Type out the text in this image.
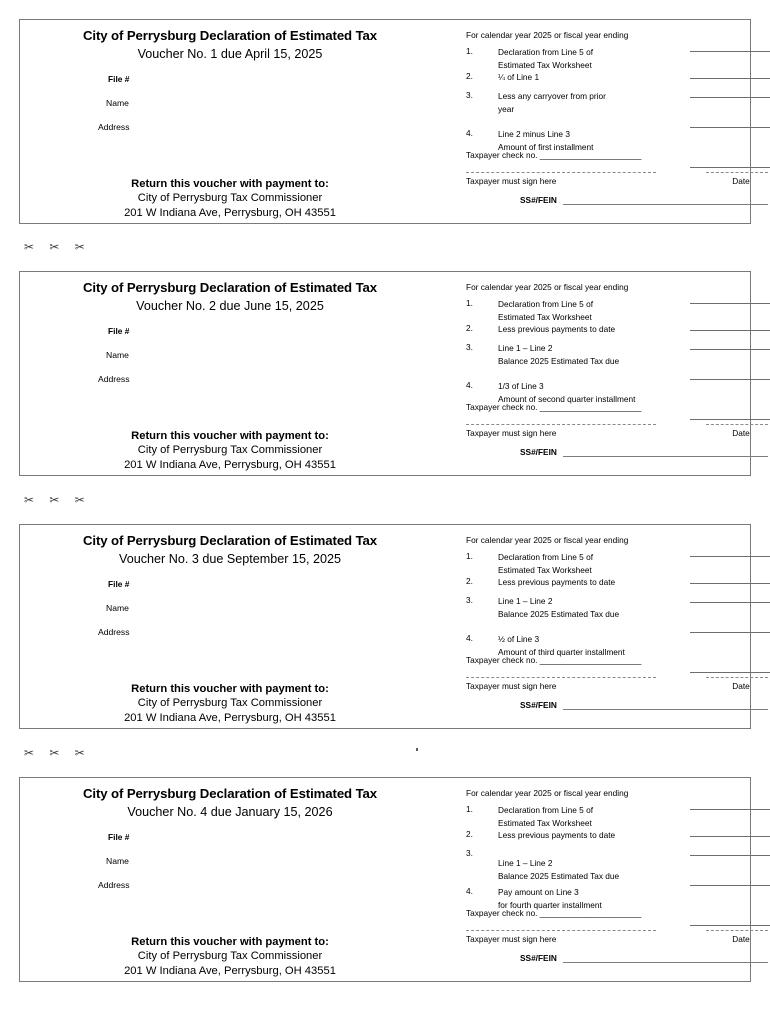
City of Perrysburg Declaration of Estimated Tax
Voucher No. 1 due April 15, 2025
File #
Name
Address
Return this voucher with payment to:
City of Perrysburg Tax Commissioner
201 W Indiana Ave, Perrysburg, OH 43551
For calendar year 2025 or fiscal year ending
1.	Declaration from Line 5 of
Estimated Tax Worksheet
2.	¼ of Line 1
3.	Less any carryover from prior
year
4.	Line 2 minus Line 3
Amount of first installment
Taxpayer check no. ______________________
Taxpayer must sign here	Date
SS#/FEIN
✂ ✂ ✂
City of Perrysburg Declaration of Estimated Tax
Voucher No. 2 due June 15, 2025
File #
Name
Address
Return this voucher with payment to:
City of Perrysburg Tax Commissioner
201 W Indiana Ave, Perrysburg, OH 43551
For calendar year 2025 or fiscal year ending
1.	Declaration from Line 5 of
Estimated Tax Worksheet
2.	Less previous payments to date
3.	Line 1 – Line 2
Balance 2025 Estimated Tax due
4.	1/3 of Line 3
Amount of second quarter installment
Taxpayer check no. ______________________
Taxpayer must sign here	Date
SS#/FEIN
✂ ✂ ✂
City of Perrysburg Declaration of Estimated Tax
Voucher No. 3 due September 15, 2025
File #
Name
Address
Return this voucher with payment to:
City of Perrysburg Tax Commissioner
201 W Indiana Ave, Perrysburg, OH 43551
For calendar year 2025 or fiscal year ending
1.	Declaration from Line 5 of
Estimated Tax Worksheet
2.	Less previous payments to date
3.	Line 1 – Line 2
Balance 2025 Estimated Tax due
4.	½ of Line 3
Amount of third quarter installment
Taxpayer check no. ______________________
Taxpayer must sign here	Date
SS#/FEIN
✂ ✂ ✂
City of Perrysburg Declaration of Estimated Tax
Voucher No. 4 due January 15, 2026
File #
Name
Address
Return this voucher with payment to:
City of Perrysburg Tax Commissioner
201 W Indiana Ave, Perrysburg, OH 43551
For calendar year 2025 or fiscal year ending
1.	Declaration from Line 5 of
Estimated Tax Worksheet
2.	Less previous payments to date
3.
Line 1 – Line 2
Balance 2025 Estimated Tax due
4.	Pay amount on Line 3
for fourth quarter installment
Taxpayer check no. ______________________
Taxpayer must sign here	Date
SS#/FEIN
